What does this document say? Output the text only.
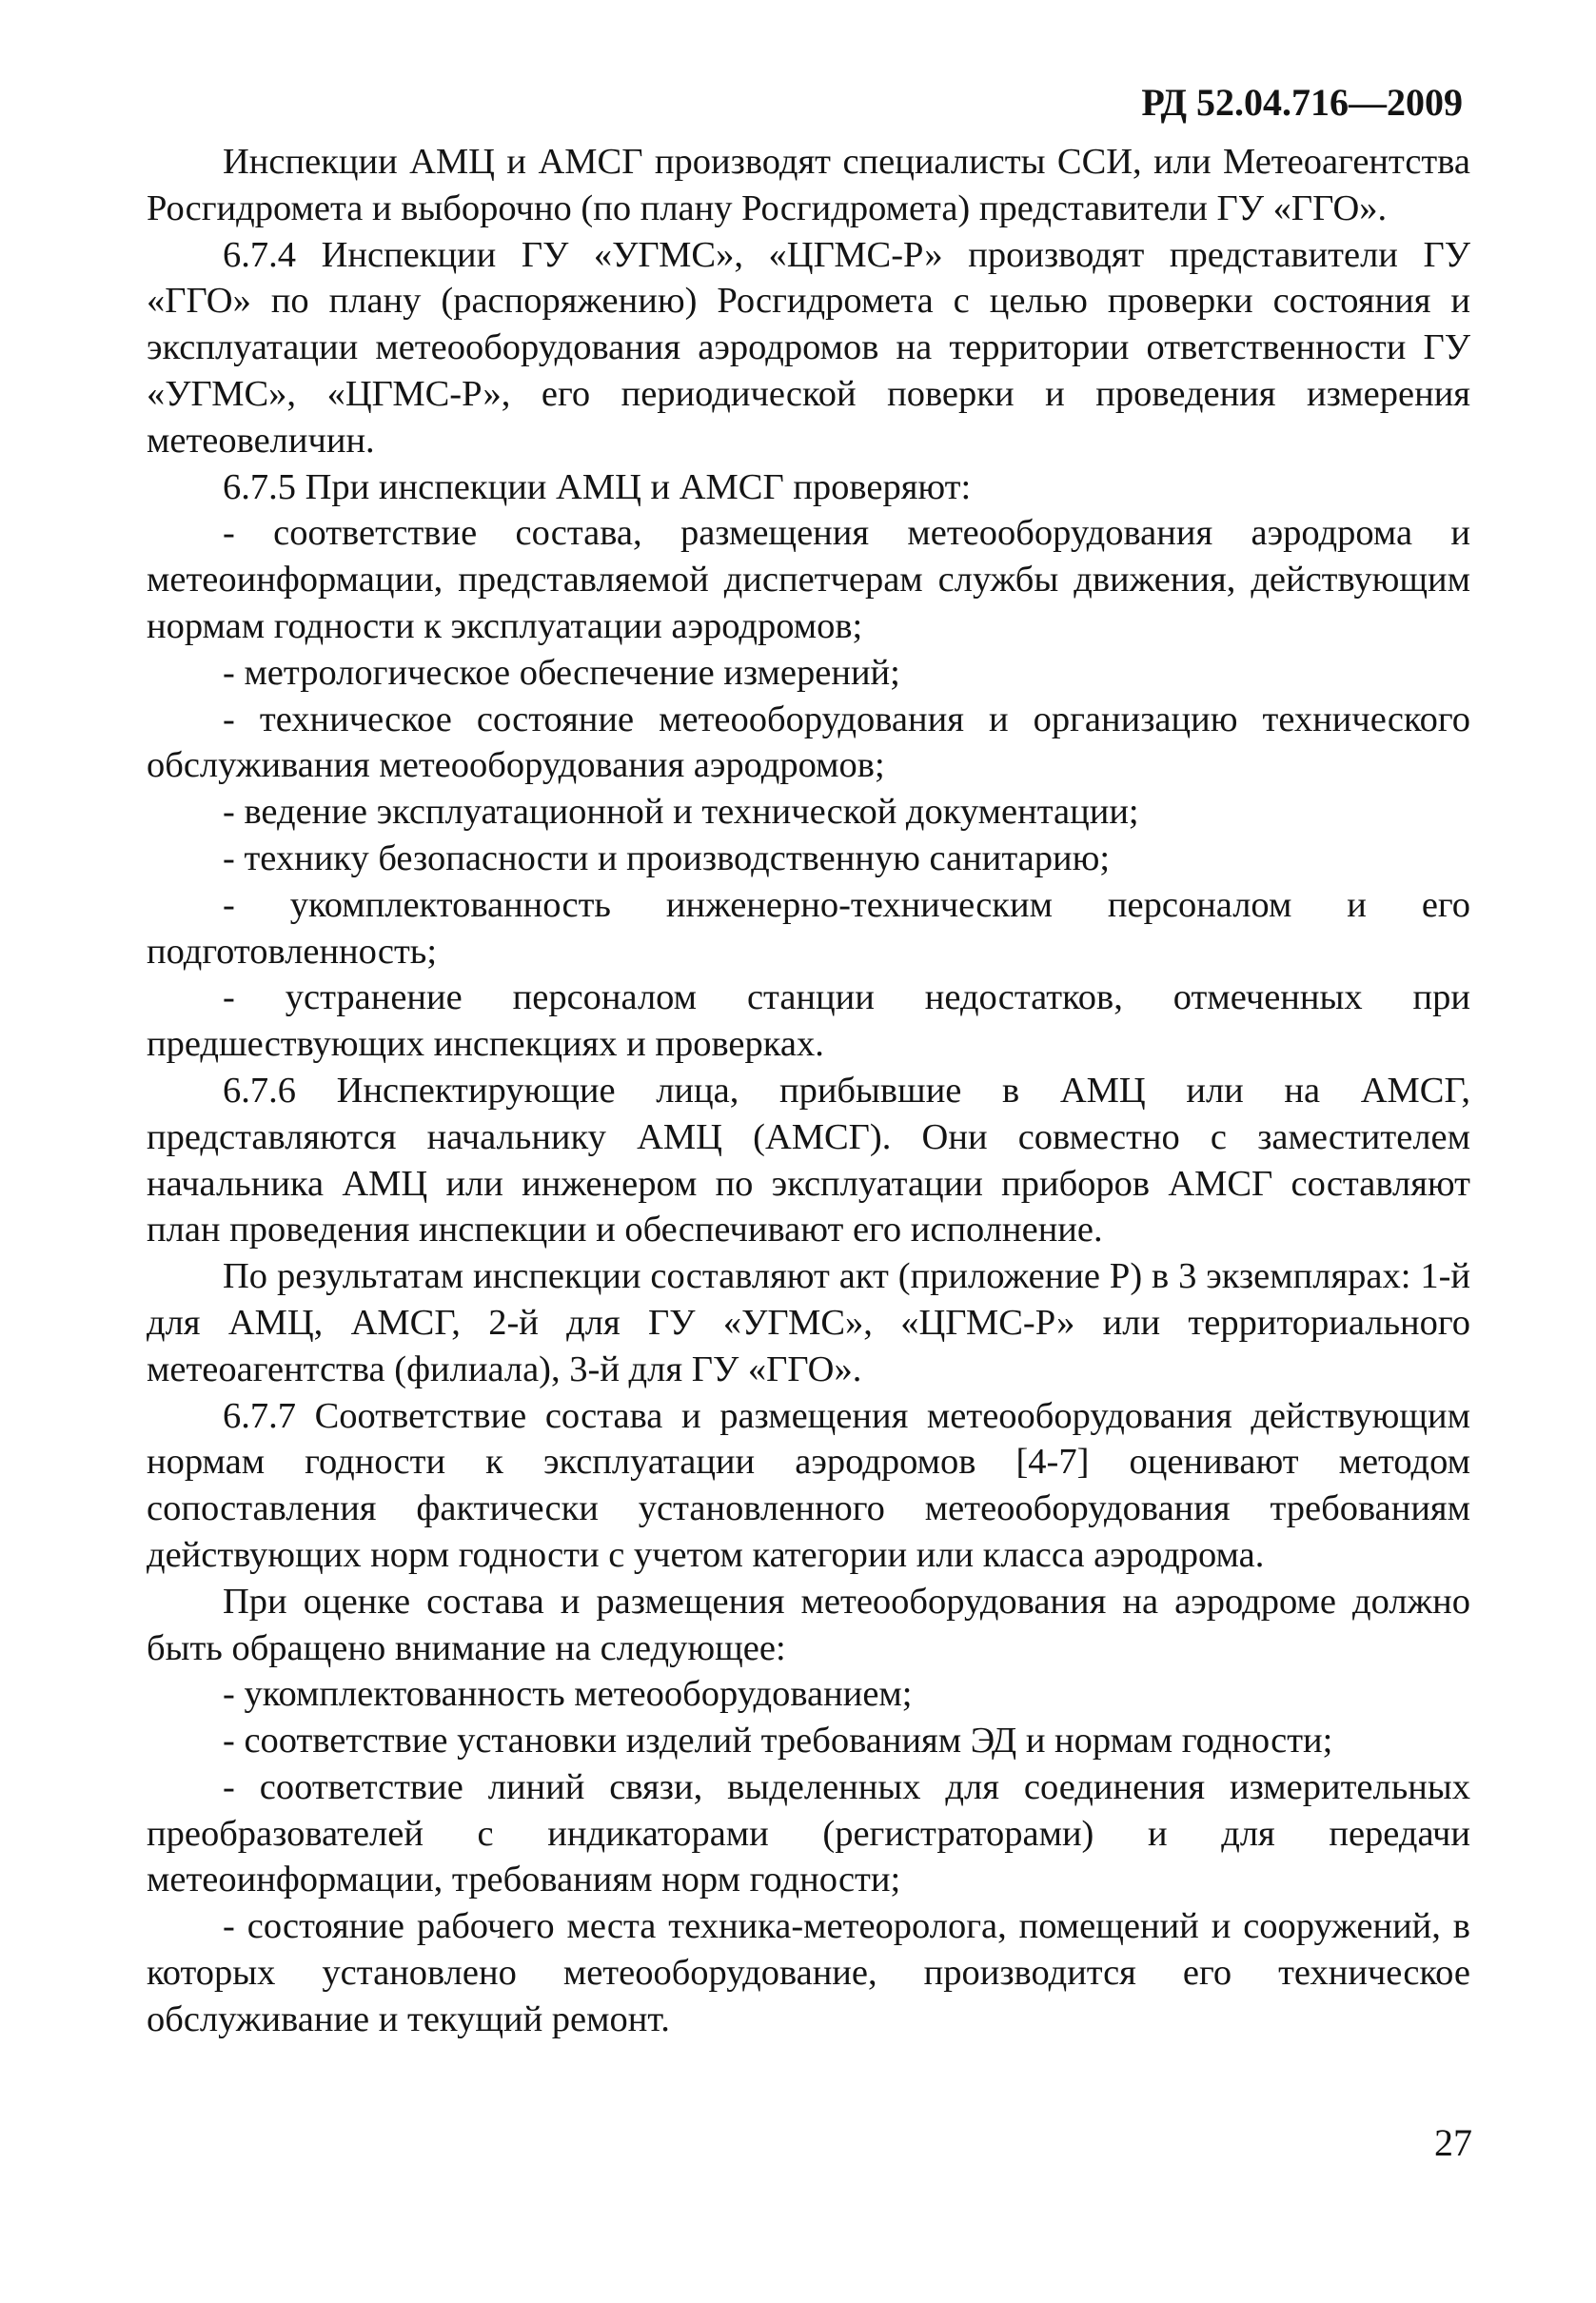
РД 52.04.716—2009

Инспекции АМЦ и АМСГ производят специалисты ССИ, или Метеоагентства Росгидромета и выборочно (по плану Росгидромета) представители ГУ «ГГО».

6.7.4 Инспекции ГУ «УГМС», «ЦГМС-Р» производят представители ГУ «ГГО» по плану (распоряжению) Росгидромета с целью проверки состояния и эксплуатации метеооборудования аэродромов на территории ответственности ГУ «УГМС», «ЦГМС-Р», его периодической поверки и проведения измерения метеовеличин.

6.7.5 При инспекции АМЦ и АМСГ проверяют:

- соответствие состава, размещения метеооборудования аэродрома и метеоинформации, представляемой диспетчерам службы движения, действующим нормам годности к эксплуатации аэродромов;

- метрологическое обеспечение измерений;

- техническое состояние метеооборудования и организацию технического обслуживания метеооборудования аэродромов;

- ведение эксплуатационной и технической документации;

- технику безопасности и производственную санитарию;

- укомплектованность инженерно-техническим персоналом и его подготовленность;

- устранение персоналом станции недостатков, отмеченных при предшествующих инспекциях и проверках.

6.7.6 Инспектирующие лица, прибывшие в АМЦ или на АМСГ, представляются начальнику АМЦ (АМСГ). Они совместно с заместителем начальника АМЦ или инженером по эксплуатации приборов АМСГ составляют план проведения инспекции и обеспечивают его исполнение.

По результатам инспекции составляют акт (приложение Р) в 3 экземплярах: 1-й для АМЦ, АМСГ, 2-й для ГУ «УГМС», «ЦГМС-Р» или территориального метеоагентства (филиала), 3-й для ГУ «ГГО».

6.7.7 Соответствие состава и размещения метеооборудования действующим нормам годности к эксплуатации аэродромов [4-7] оценивают методом сопоставления фактически установленного метеооборудования требованиям действующих норм годности с учетом категории или класса аэродрома.

При оценке состава и размещения метеооборудования на аэродроме должно быть обращено внимание на следующее:

- укомплектованность метеооборудованием;

- соответствие установки изделий требованиям ЭД и нормам годности;

- соответствие линий связи, выделенных для соединения измерительных преобразователей с индикаторами (регистраторами) и для передачи метеоинформации, требованиям норм годности;

- состояние рабочего места техника-метеоролога, помещений и сооружений, в которых установлено метеооборудование, производится его техническое обслуживание и текущий ремонт.

27
